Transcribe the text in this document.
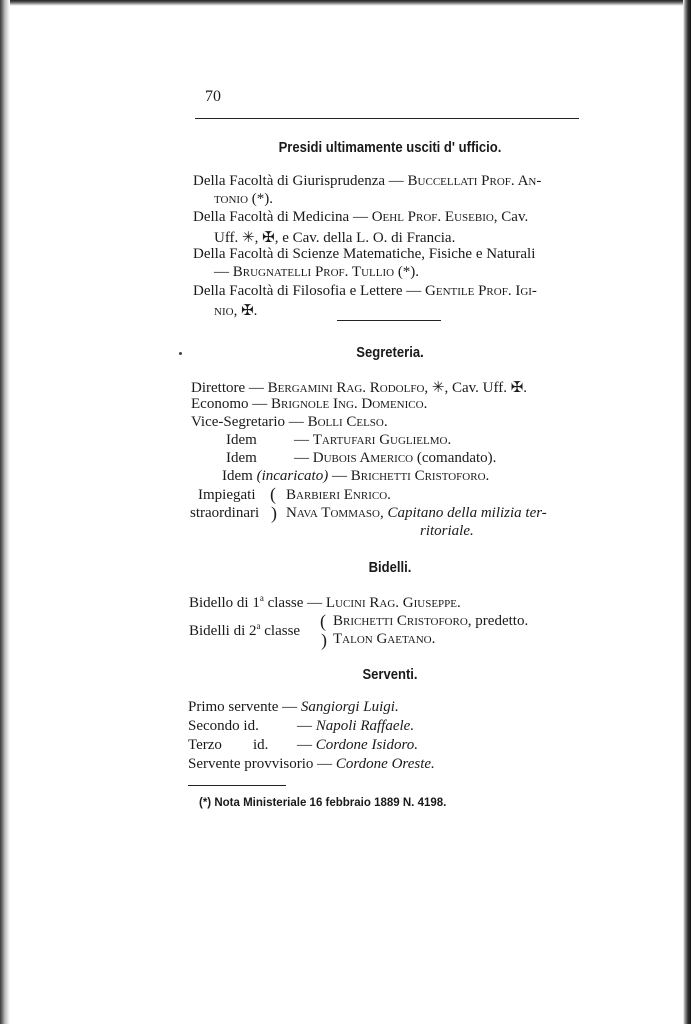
70
Presidi ultimamente usciti d' ufficio.
Della Facoltà di Giurisprudenza — Buccellati Prof. An-
tonio (*).
Della Facoltà di Medicina — Oehl Prof. Eusebio, Cav.
Uff. ✳, ✠, e Cav. della L. O. di Francia.
Della Facoltà di Scienze Matematiche, Fisiche e Naturali
— Brugnatelli Prof. Tullio (*).
Della Facoltà di Filosofia e Lettere — Gentile Prof. Igi-
nio, ✠.
Segreteria.
Direttore — Bergamini Rag. Rodolfo, ✳, Cav. Uff. ✠.
Economo — Brignole Ing. Domenico.
Vice-Segretario — Bolli Celso.
Idem — Tartufari Guglielmo.
Idem — Dubois Americo (comandato).
Idem (incaricato) — Brichetti Cristoforo.
Impiegati
straordinari
(
)
Barbieri Enrico.
Nava Tommaso, Capitano della milizia ter-
ritoriale.
Bidelli.
Bidello di 1$^a$ classe — Lucini Rag. Giuseppe.
Bidelli di 2$^a$ classe (
)
Brichetti Cristoforo, predetto.
Talon Gaetano.
Serventi.
Primo servente — Sangiorgi Luigi.
Secondo id.	— Napoli Raffaele.
Terzo id. — Cordone Isidoro.
Servente provvisorio — Cordone Oreste.
(*) Nota Ministeriale 16 febbraio 1889 N. 4198.
